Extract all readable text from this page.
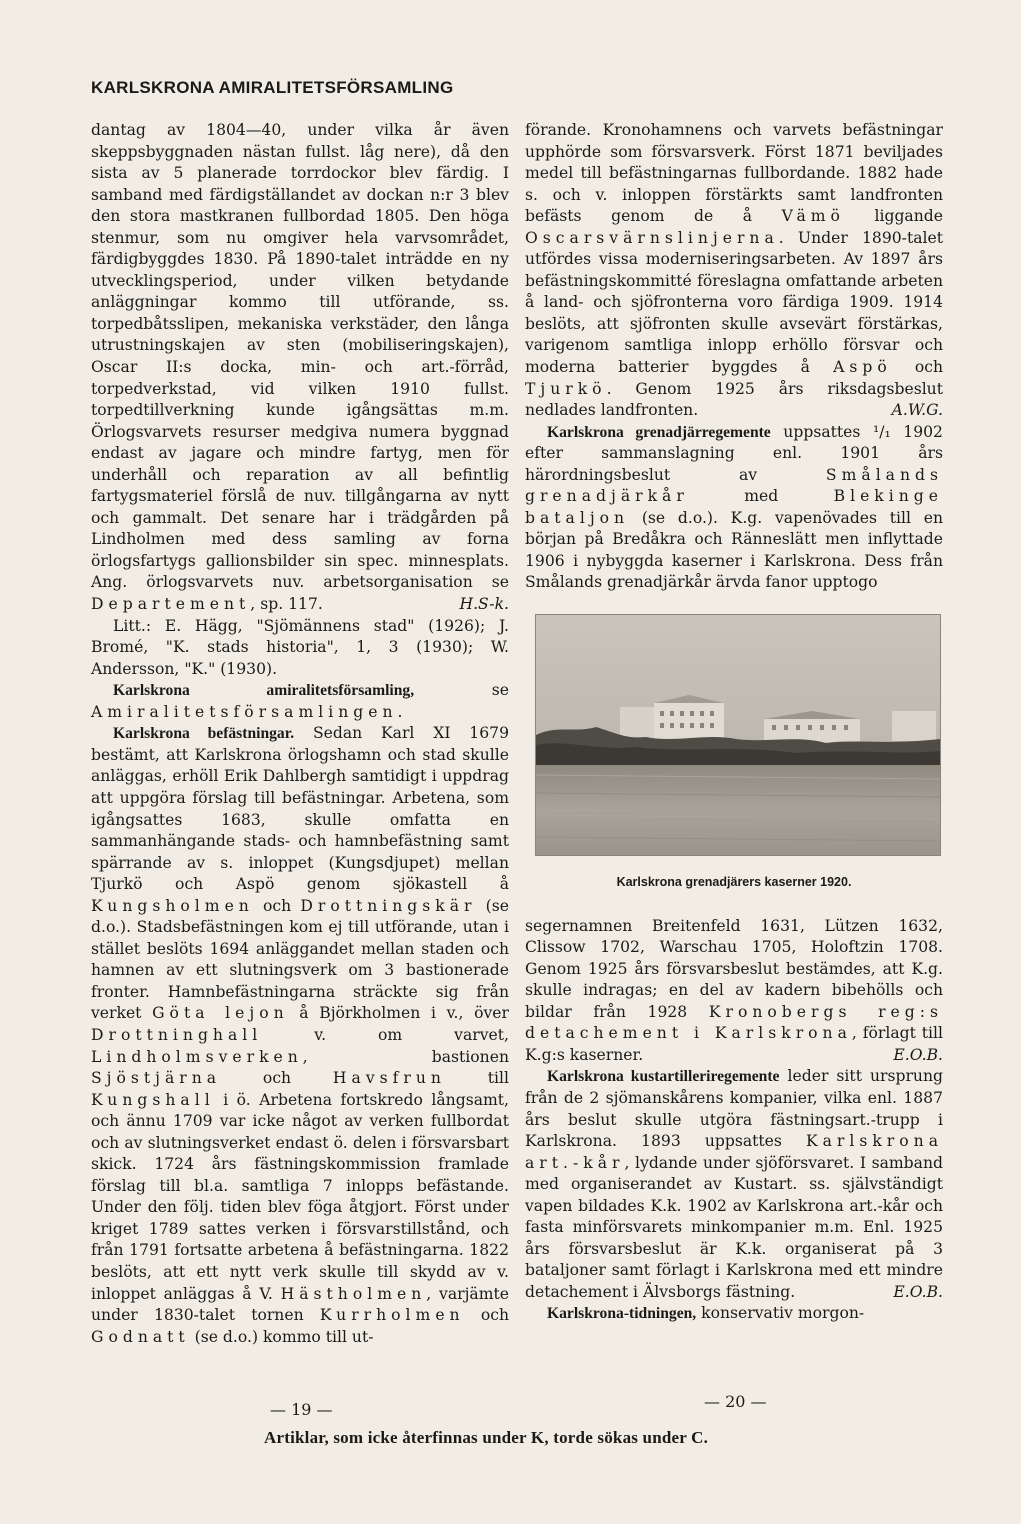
KARLSKRONA AMIRALITETSFÖRSAMLING

dantag av 1804—40, under vilka år även skeppsbyggnaden nästan fullst. låg nere), då den sista av 5 planerade torrdockor blev färdig. I samband med färdigställandet av dockan n:r 3 blev den stora mastkranen fullbordad 1805. Den höga stenmur, som nu omgiver hela varvsområdet, färdigbyggdes 1830. På 1890-talet inträdde en ny utvecklingsperiod, under vilken betydande anläggningar kommo till utförande, ss. torpedbåtsslipen, mekaniska verkstäder, den långa utrustningskajen av sten (mobiliseringskajen), Oscar II:s docka, min- och art.-förråd, torpedverkstad, vid vilken 1910 fullst. torpedtillverkning kunde igångsättas m.m. Örlogsvarvets resurser medgiva numera byggnad endast av jagare och mindre fartyg, men för underhåll och reparation av all befintlig fartygsmateriel förslå de nuv. tillgångarna av nytt och gammalt. Det senare har i trädgården på Lindholmen med dess samling av forna örlogsfartygs gallionsbilder sin spec. minnesplats. Ang. örlogsvarvets nuv. arbetsorganisation se Departement, sp. 117.	H.S-k.

Litt.: E. Hägg, "Sjömännens stad" (1926); J. Bromé, "K. stads historia", 1, 3 (1930); W. Andersson, "K." (1930).

Karlskrona amiralitetsförsamling, se Amiralitetsförsamlingen.

Karlskrona befästningar. Sedan Karl XI 1679 bestämt, att Karlskrona örlogshamn och stad skulle anläggas, erhöll Erik Dahlbergh samtidigt i uppdrag att uppgöra förslag till befästningar. Arbetena, som igångsattes 1683, skulle omfatta en sammanhängande stads- och hamnbefästning samt spärrande av s. inloppet (Kungsdjupet) mellan Tjurkö och Aspö genom sjökastell å Kungsholmen och Drottningskär (se d.o.). Stadsbefästningen kom ej till utförande, utan i stället beslöts 1694 anläggandet mellan staden och hamnen av ett slutningsverk om 3 bastionerade fronter. Hamnbefästningarna sträckte sig från verket Göta lejon å Björkholmen i v., över Drottninghall v. om varvet, Lindholmsverken, bastionen Sjöstjärna och Havsfrun till Kungshall i ö. Arbetena fortskredo långsamt, och ännu 1709 var icke något av verken fullbordat och av slutningsverket endast ö. delen i försvarsbart skick. 1724 års fästningskommission framlade förslag till bl.a. samtliga 7 inlopps befästande. Under den följ. tiden blev föga åtgjort. Först under kriget 1789 sattes verken i försvarstillstånd, och från 1791 fortsatte arbetena å befästningarna. 1822 beslöts, att ett nytt verk skulle till skydd av v. inloppet anläggas å V. Hästholmen, varjämte under 1830-talet tornen Kurrholmen och Godnatt (se d.o.) kommo till ut-

förande. Kronohamnens och varvets befästningar upphörde som försvarsverk. Först 1871 beviljades medel till befästningarnas fullbordande. 1882 hade s. och v. inloppen förstärkts samt landfronten befästs genom de å Vämö liggande Oscarsvärnslinjerna. Under 1890-talet utfördes vissa moderniseringsarbeten. Av 1897 års befästningskommitté föreslagna omfattande arbeten å land- och sjöfronterna voro färdiga 1909. 1914 beslöts, att sjöfronten skulle avsevärt förstärkas, varigenom samtliga inlopp erhöllo försvar och moderna batterier byggdes å Aspö och Tjurkö. Genom 1925 års riksdagsbeslut nedlades landfronten.	A.W.G.

Karlskrona grenadjärregemente uppsattes ¹/₁ 1902 efter sammanslagning enl. 1901 års härordningsbeslut av Smålands grenadjärkår med Blekinge bataljon (se d.o.). K.g. vapenövades till en början på Bredåkra och Rännеslätt men inflyttade 1906 i nybyggda kaserner i Karlskrona. Dess från Smålands grenadjärkår ärvda fanor upptogo

Karlskrona grenadjärers kaserner 1920.

segernamnen Breitenfeld 1631, Lützen 1632, Clissow 1702, Warschau 1705, Holoftzin 1708. Genom 1925 års försvarsbeslut bestämdes, att K.g. skulle indragas; en del av kadern bibehölls och bildar från 1928 Kronobergs reg:s detachement i Karlskrona, förlagt till K.g:s kaserner.	E.O.B.

Karlskrona kustartilleriregemente leder sitt ursprung från de 2 sjömanskårens kompanier, vilka enl. 1887 års beslut skulle utgöra fästningsart.-trupp i Karlskrona. 1893 uppsattes Karlskrona art.-kår, lydande under sjöförsvaret. I samband med organiserandet av Kustart. ss. självständigt vapen bildades K.k. 1902 av Karlskrona art.-kår och fasta minförsvarets minkompanier m.m. Enl. 1925 års försvarsbeslut är K.k. organiserat på 3 bataljoner samt förlagt i Karlskrona med ett mindre detachement i Älvsborgs fästning.	E.O.B.

Karlskrona-tidningen, konservativ morgon-

— 19 —	— 20 —
Artiklar, som icke återfinnas under K, torde sökas under C.
